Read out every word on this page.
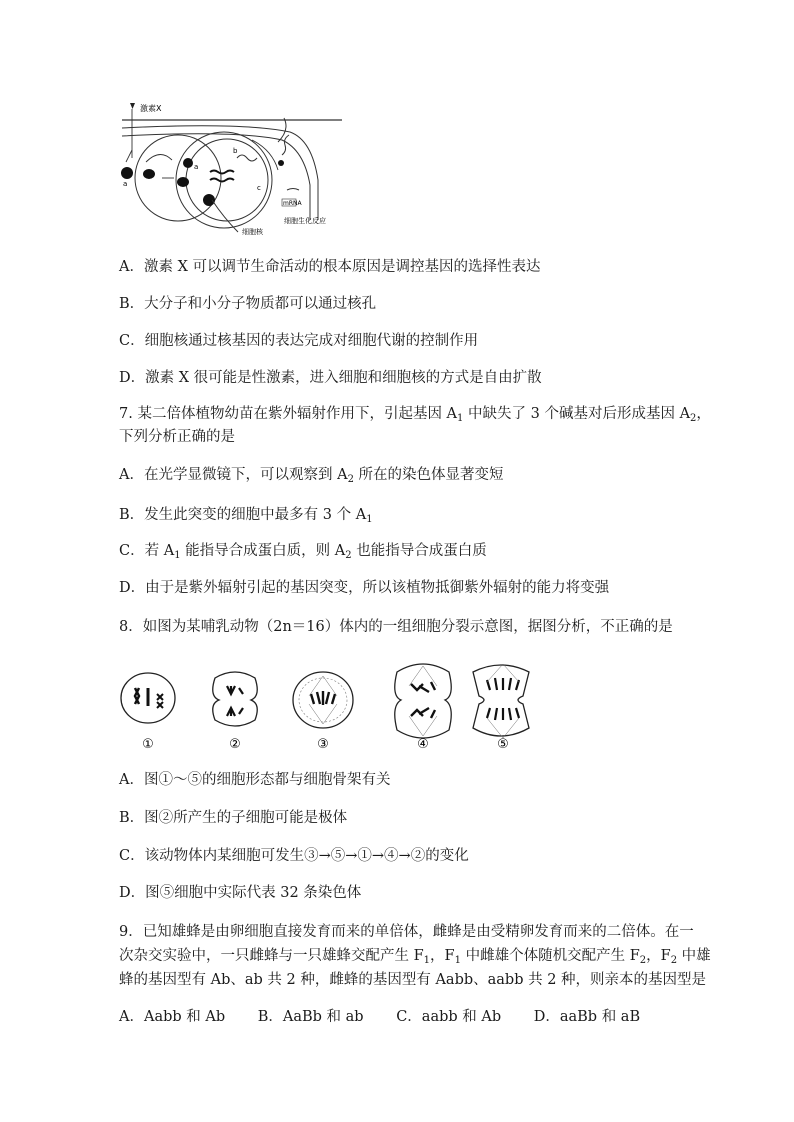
激素X
a
a
b
c
mRNA
细胞生化反应
细胞核
A．激素 X 可以调节生命活动的根本原因是调控基因的选择性表达
B．大分子和小分子物质都可以通过核孔
C．细胞核通过核基因的表达完成对细胞代谢的控制作用
D．激素 X 很可能是性激素，进入细胞和细胞核的方式是自由扩散
7. 某二倍体植物幼苗在紫外辐射作用下，引起基因 $A_1$ 中缺失了 3 个碱基对后形成基因 $A_2$，
下列分析正确的是
A．在光学显微镜下，可以观察到 $A_2$ 所在的染色体显著变短
B．发生此突变的细胞中最多有 3 个 $A_1$
C．若 $A_1$ 能指导合成蛋白质，则 $A_2$ 也能指导合成蛋白质
D．由于是紫外辐射引起的基因突变，所以该植物抵御紫外辐射的能力将变强
8．如图为某哺乳动物（2n＝16）体内的一组细胞分裂示意图，据图分析，不正确的是
①	②	③	④	⑤
A．图①～⑤的细胞形态都与细胞骨架有关
B．图②所产生的子细胞可能是极体
C．该动物体内某细胞可发生③→⑤→①→④→②的变化
D．图⑤细胞中实际代表 32 条染色体
9．已知雄蜂是由卵细胞直接发育而来的单倍体，雌蜂是由受精卵发育而来的二倍体。在一
次杂交实验中，一只雌蜂与一只雄蜂交配产生 $F_1$，$F_1$ 中雌雄个体随机交配产生 $F_2$，$F_2$ 中雄
蜂的基因型有 Ab、ab 共 2 种，雌蜂的基因型有 Aabb、aabb 共 2 种，则亲本的基因型是
A．Aabb 和 Ab B．AaBb 和 ab C．aabb 和 Ab D．aaBb 和 aB
